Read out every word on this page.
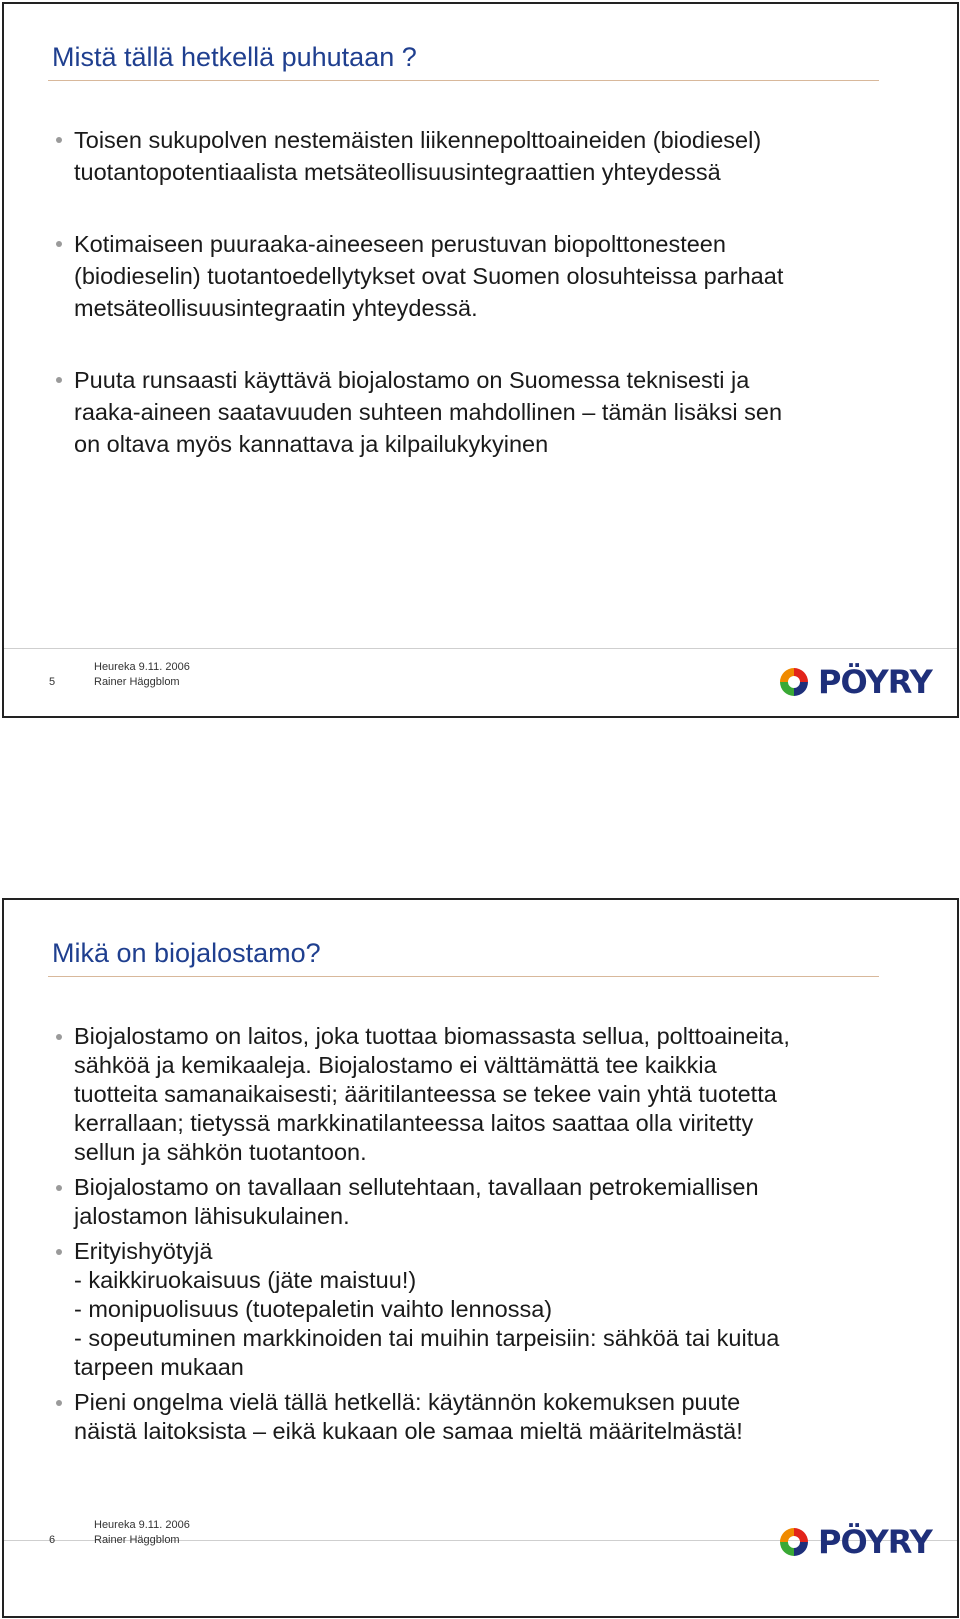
Mistä tällä hetkellä puhutaan ?
Toisen sukupolven nestemäisten liikennepolttoaineiden (biodiesel)
tuotantopotentiaalista metsäteollisuusintegraattien yhteydessä
Kotimaiseen puuraaka-aineeseen perustuvan biopolttonesteen
(biodieselin) tuotantoedellytykset ovat Suomen olosuhteissa parhaat
metsäteollisuusintegraatin yhteydessä.
Puuta runsaasti käyttävä biojalostamo on Suomessa teknisesti ja
raaka-aineen saatavuuden suhteen mahdollinen – tämän lisäksi sen
on oltava myös kannattava ja kilpailukykyinen
5
Heureka 9.11. 2006
Rainer Häggblom	PÖYRY
Mikä on biojalostamo?
Biojalostamo on laitos, joka tuottaa biomassasta sellua, polttoaineita,
sähköä ja kemikaaleja. Biojalostamo ei välttämättä tee kaikkia
tuotteita samanaikaisesti; ääritilanteessa se tekee vain yhtä tuotetta
kerrallaan; tietyssä markkinatilanteessa laitos saattaa olla viritetty
sellun ja sähkön tuotantoon.
Biojalostamo on tavallaan sellutehtaan, tavallaan petrokemiallisen
jalostamon lähisukulainen.
Erityishyötyjä
- kaikkiruokaisuus (jäte maistuu!)
- monipuolisuus (tuotepaletin vaihto lennossa)
- sopeutuminen markkinoiden tai muihin tarpeisiin: sähköä tai kuitua
tarpeen mukaan
Pieni ongelma vielä tällä hetkellä: käytännön kokemuksen puute
näistä laitoksista – eikä kukaan ole samaa mieltä määritelmästä!
6
Heureka 9.11. 2006
Rainer Häggblom	PÖYRY
